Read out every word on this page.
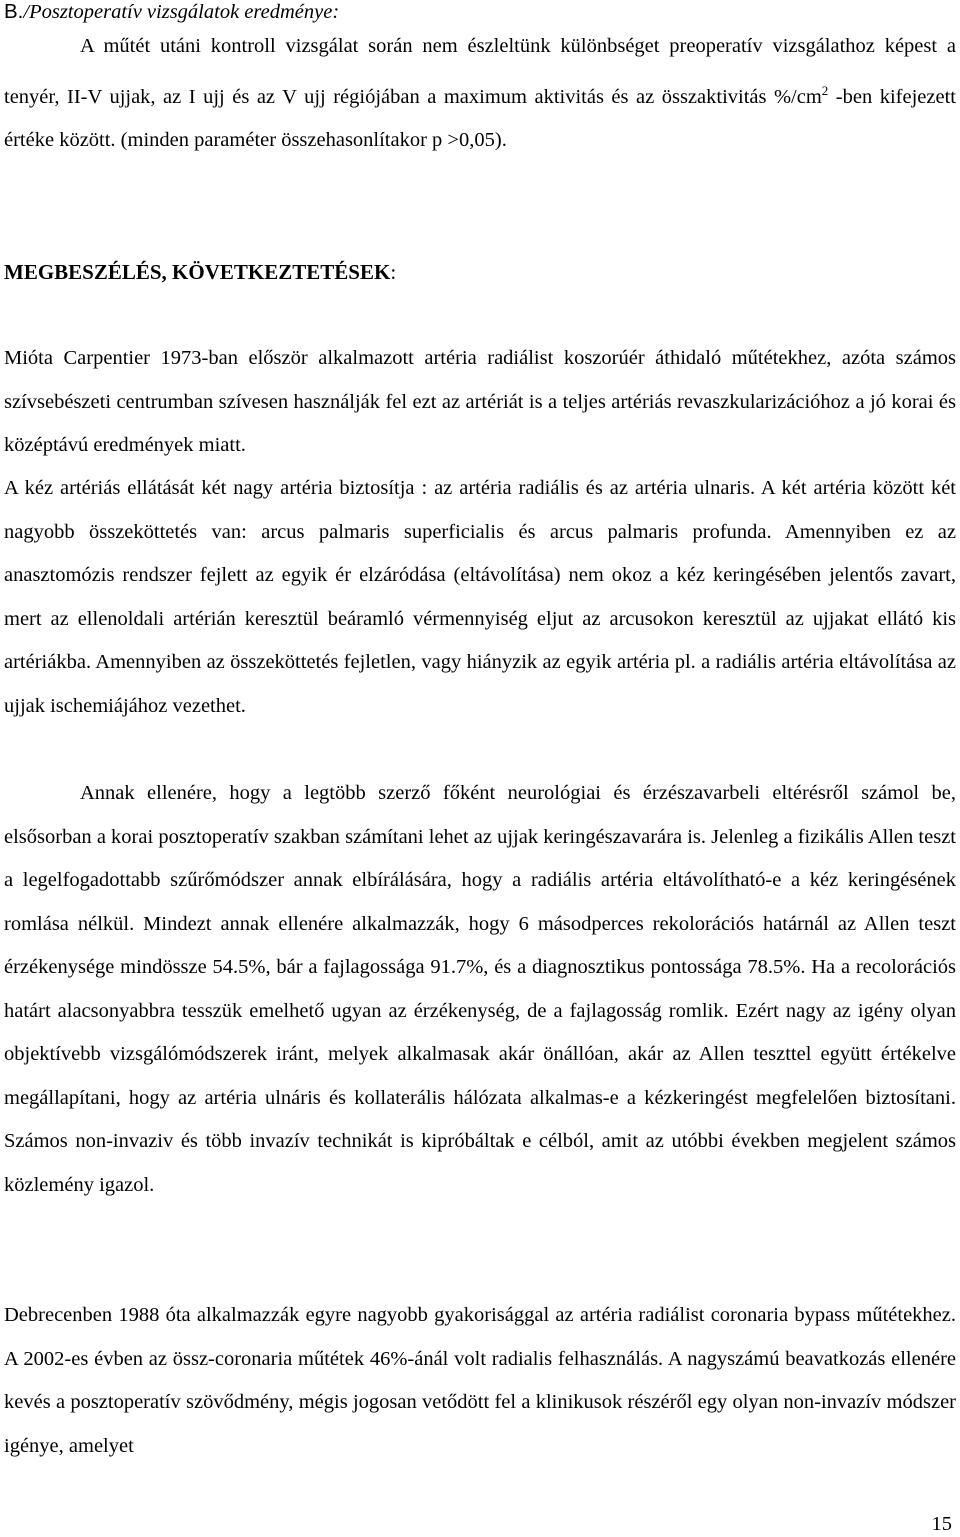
B./Posztoperatív vizsgálatok eredménye:
A műtét utáni kontroll vizsgálat során nem észleltünk különbséget preoperatív vizsgálathoz képest a tenyér, II-V ujjak, az I ujj és az V ujj régiójában a maximum aktivitás és az összaktivitás $\%/cm^2$ -ben kifejezett értéke között. (minden paraméter összehasonlítakor p >0,05).
MEGBESZÉLÉS, KÖVETKEZTETÉSEK:
Mióta Carpentier 1973-ban először alkalmazott artéria radiálist koszorúér áthidaló műtétekhez, azóta számos szívsebészeti centrumban szívesen használják fel ezt az artériát is a teljes artériás revaszkularizációhoz a jó korai és középtávú eredmények miatt.
A kéz artériás ellátását két nagy artéria biztosítja : az artéria radiális és az artéria ulnaris. A két artéria között két nagyobb összeköttetés van: arcus palmaris superficialis és arcus palmaris profunda. Amennyiben ez az anasztomózis rendszer fejlett az egyik ér elzáródása (eltávolítása) nem okoz a kéz keringésében jelentős zavart, mert az ellenoldali artérián keresztül beáramló vérmennyiség eljut az arcusokon keresztül az ujjakat ellátó kis artériákba. Amennyiben az összeköttetés fejletlen, vagy hiányzik az egyik artéria pl. a radiális artéria eltávolítása az ujjak ischemiájához vezethet.
Annak ellenére, hogy a legtöbb szerző főként neurológiai és érzészavarbeli eltérésről számol be, elsősorban a korai posztoperatív szakban számítani lehet az ujjak keringészavarára is. Jelenleg a fizikális Allen teszt a legelfogadottabb szűrőmódszer annak elbírálására, hogy a radiális artéria eltávolítható-e a kéz keringésének romlása nélkül. Mindezt annak ellenére alkalmazzák, hogy 6 másodperces rekolorációs határnál az Allen teszt érzékenysége mindössze 54.5%, bár a fajlagossága 91.7%, és a diagnosztikus pontossága 78.5%. Ha a recolorációs határt alacsonyabbra tesszük emelhető ugyan az érzékenység, de a fajlagosság romlik. Ezért nagy az igény olyan objektívebb vizsgálómódszerek iránt, melyek alkalmasak akár önállóan, akár az Allen teszttel együtt értékelve megállapítani, hogy az artéria ulnáris és kollaterális hálózata alkalmas-e a kézkeringést megfelelően biztosítani. Számos non-invaziv és több invazív technikát is kipróbáltak e célból, amit az utóbbi években megjelent számos közlemény igazol.
Debrecenben 1988 óta alkalmazzák egyre nagyobb gyakorisággal az artéria radiálist coronaria bypass műtétekhez. A 2002-es évben az össz-coronaria műtétek 46%-ánál volt radialis felhasználás. A nagyszámú beavatkozás ellenére kevés a posztoperatív szövődmény, mégis jogosan vetődött fel a klinikusok részéről egy olyan non-invazív módszer igénye, amelyet
15
